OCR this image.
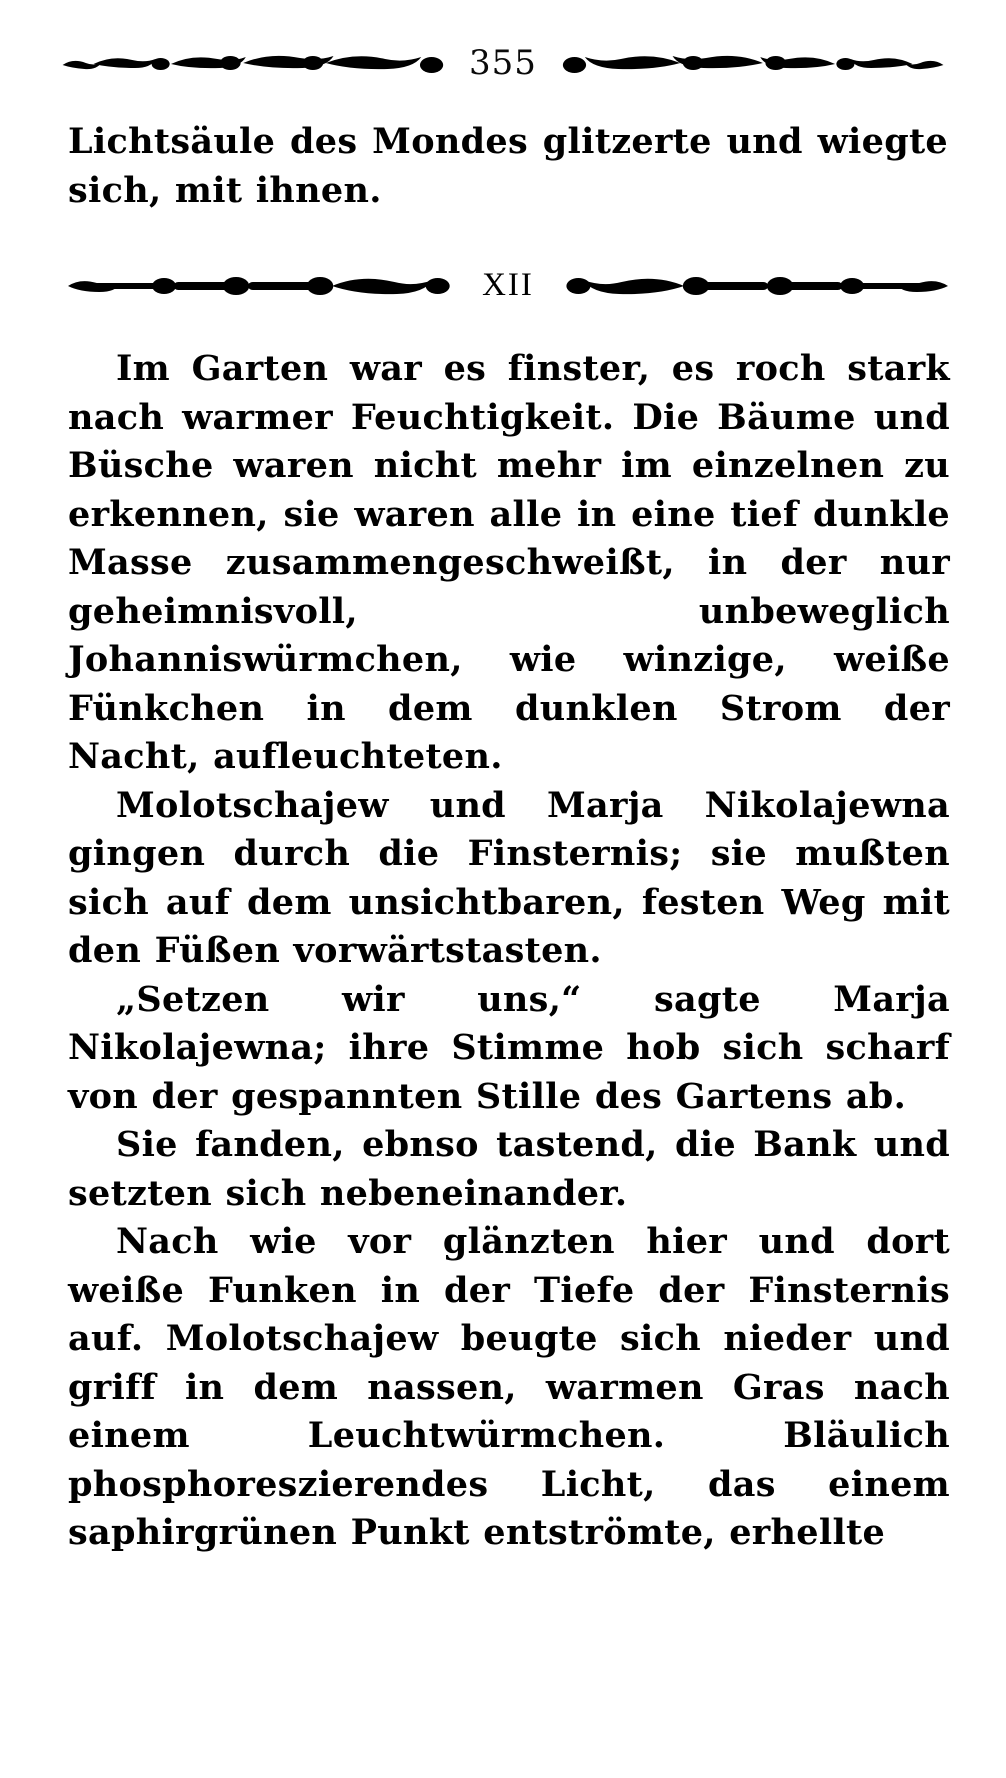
355

Lichtsäule des Mondes glitzerte und wiegte sich, mit ihnen.

XII

Im Garten war es finster, es roch stark nach warmer Feuchtigkeit. Die Bäume und Büsche waren nicht mehr im einzelnen zu erkennen, sie waren alle in eine tief dunkle Masse zusammengeschweißt, in der nur geheimnisvoll, unbeweglich Johanniswürmchen, wie winzige, weiße Fünkchen in dem dunklen Strom der Nacht, aufleuchteten.

Molotschajew und Marja Nikolajewna gingen durch die Finsternis; sie mußten sich auf dem unsichtbaren, festen Weg mit den Füßen vorwärtstasten.

„Setzen wir uns,“ sagte Marja Nikolajewna; ihre Stimme hob sich scharf von der gespannten Stille des Gartens ab.

Sie fanden, ebnso tastend, die Bank und setzten sich nebeneinander.

Nach wie vor glänzten hier und dort weiße Funken in der Tiefe der Finsternis auf. Molotschajew beugte sich nieder und griff in dem nassen, warmen Gras nach einem Leuchtwürmchen. Bläulich phosphoreszierendes Licht, das einem saphirgrünen Punkt entströmte, erhellte
